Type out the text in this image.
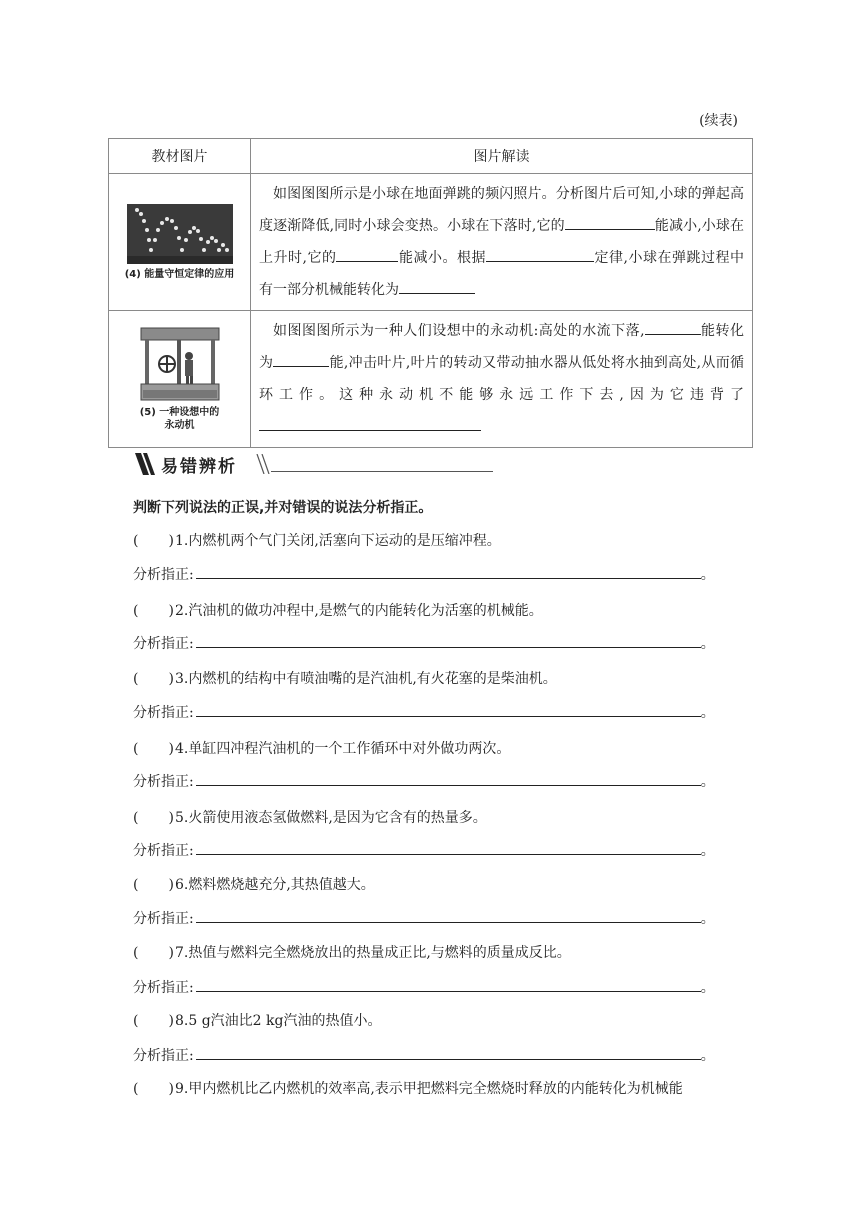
(续表)
教材图片	图片解读

(4) 能量守恒定律的应用	如图图图所示是小球在地面弹跳的频闪照片。分析图片后可知,小球的弹起高度逐渐降低,同时小球会变热。小球在下落时,它的 能减小,小球在上升时,它的 能减小。根据 定律,小球在弹跳过程中有一部分机械能转化为

(5) 一种设想中的
永动机	如图图图所示为一种人们设想中的永动机:高处的水流下落, 能转化为 能,冲击叶片,叶片的转动又带动抽水器从低处将水抽到高处,从而循环工作。这种永动机不能够永远工作下去,因为它违背了
易错辨析
判断下列说法的正误,并对错误的说法分析指正。
( )1.内燃机两个气门关闭,活塞向下运动的是压缩冲程。
分析指正:	。
( )2.汽油机的做功冲程中,是燃气的内能转化为活塞的机械能。
分析指正:	。
( )3.内燃机的结构中有喷油嘴的是汽油机,有火花塞的是柴油机。
分析指正:	。
( )4.单缸四冲程汽油机的一个工作循环中对外做功两次。
分析指正:	。
( )5.火箭使用液态氢做燃料,是因为它含有的热量多。
分析指正:	。
( )6.燃料燃烧越充分,其热值越大。
分析指正:	。
( )7.热值与燃料完全燃烧放出的热量成正比,与燃料的质量成反比。
分析指正:	。
( )8.5 g汽油比2 kg汽油的热值小。
分析指正:	。
( )9.甲内燃机比乙内燃机的效率高,表示甲把燃料完全燃烧时释放的内能转化为机械能
